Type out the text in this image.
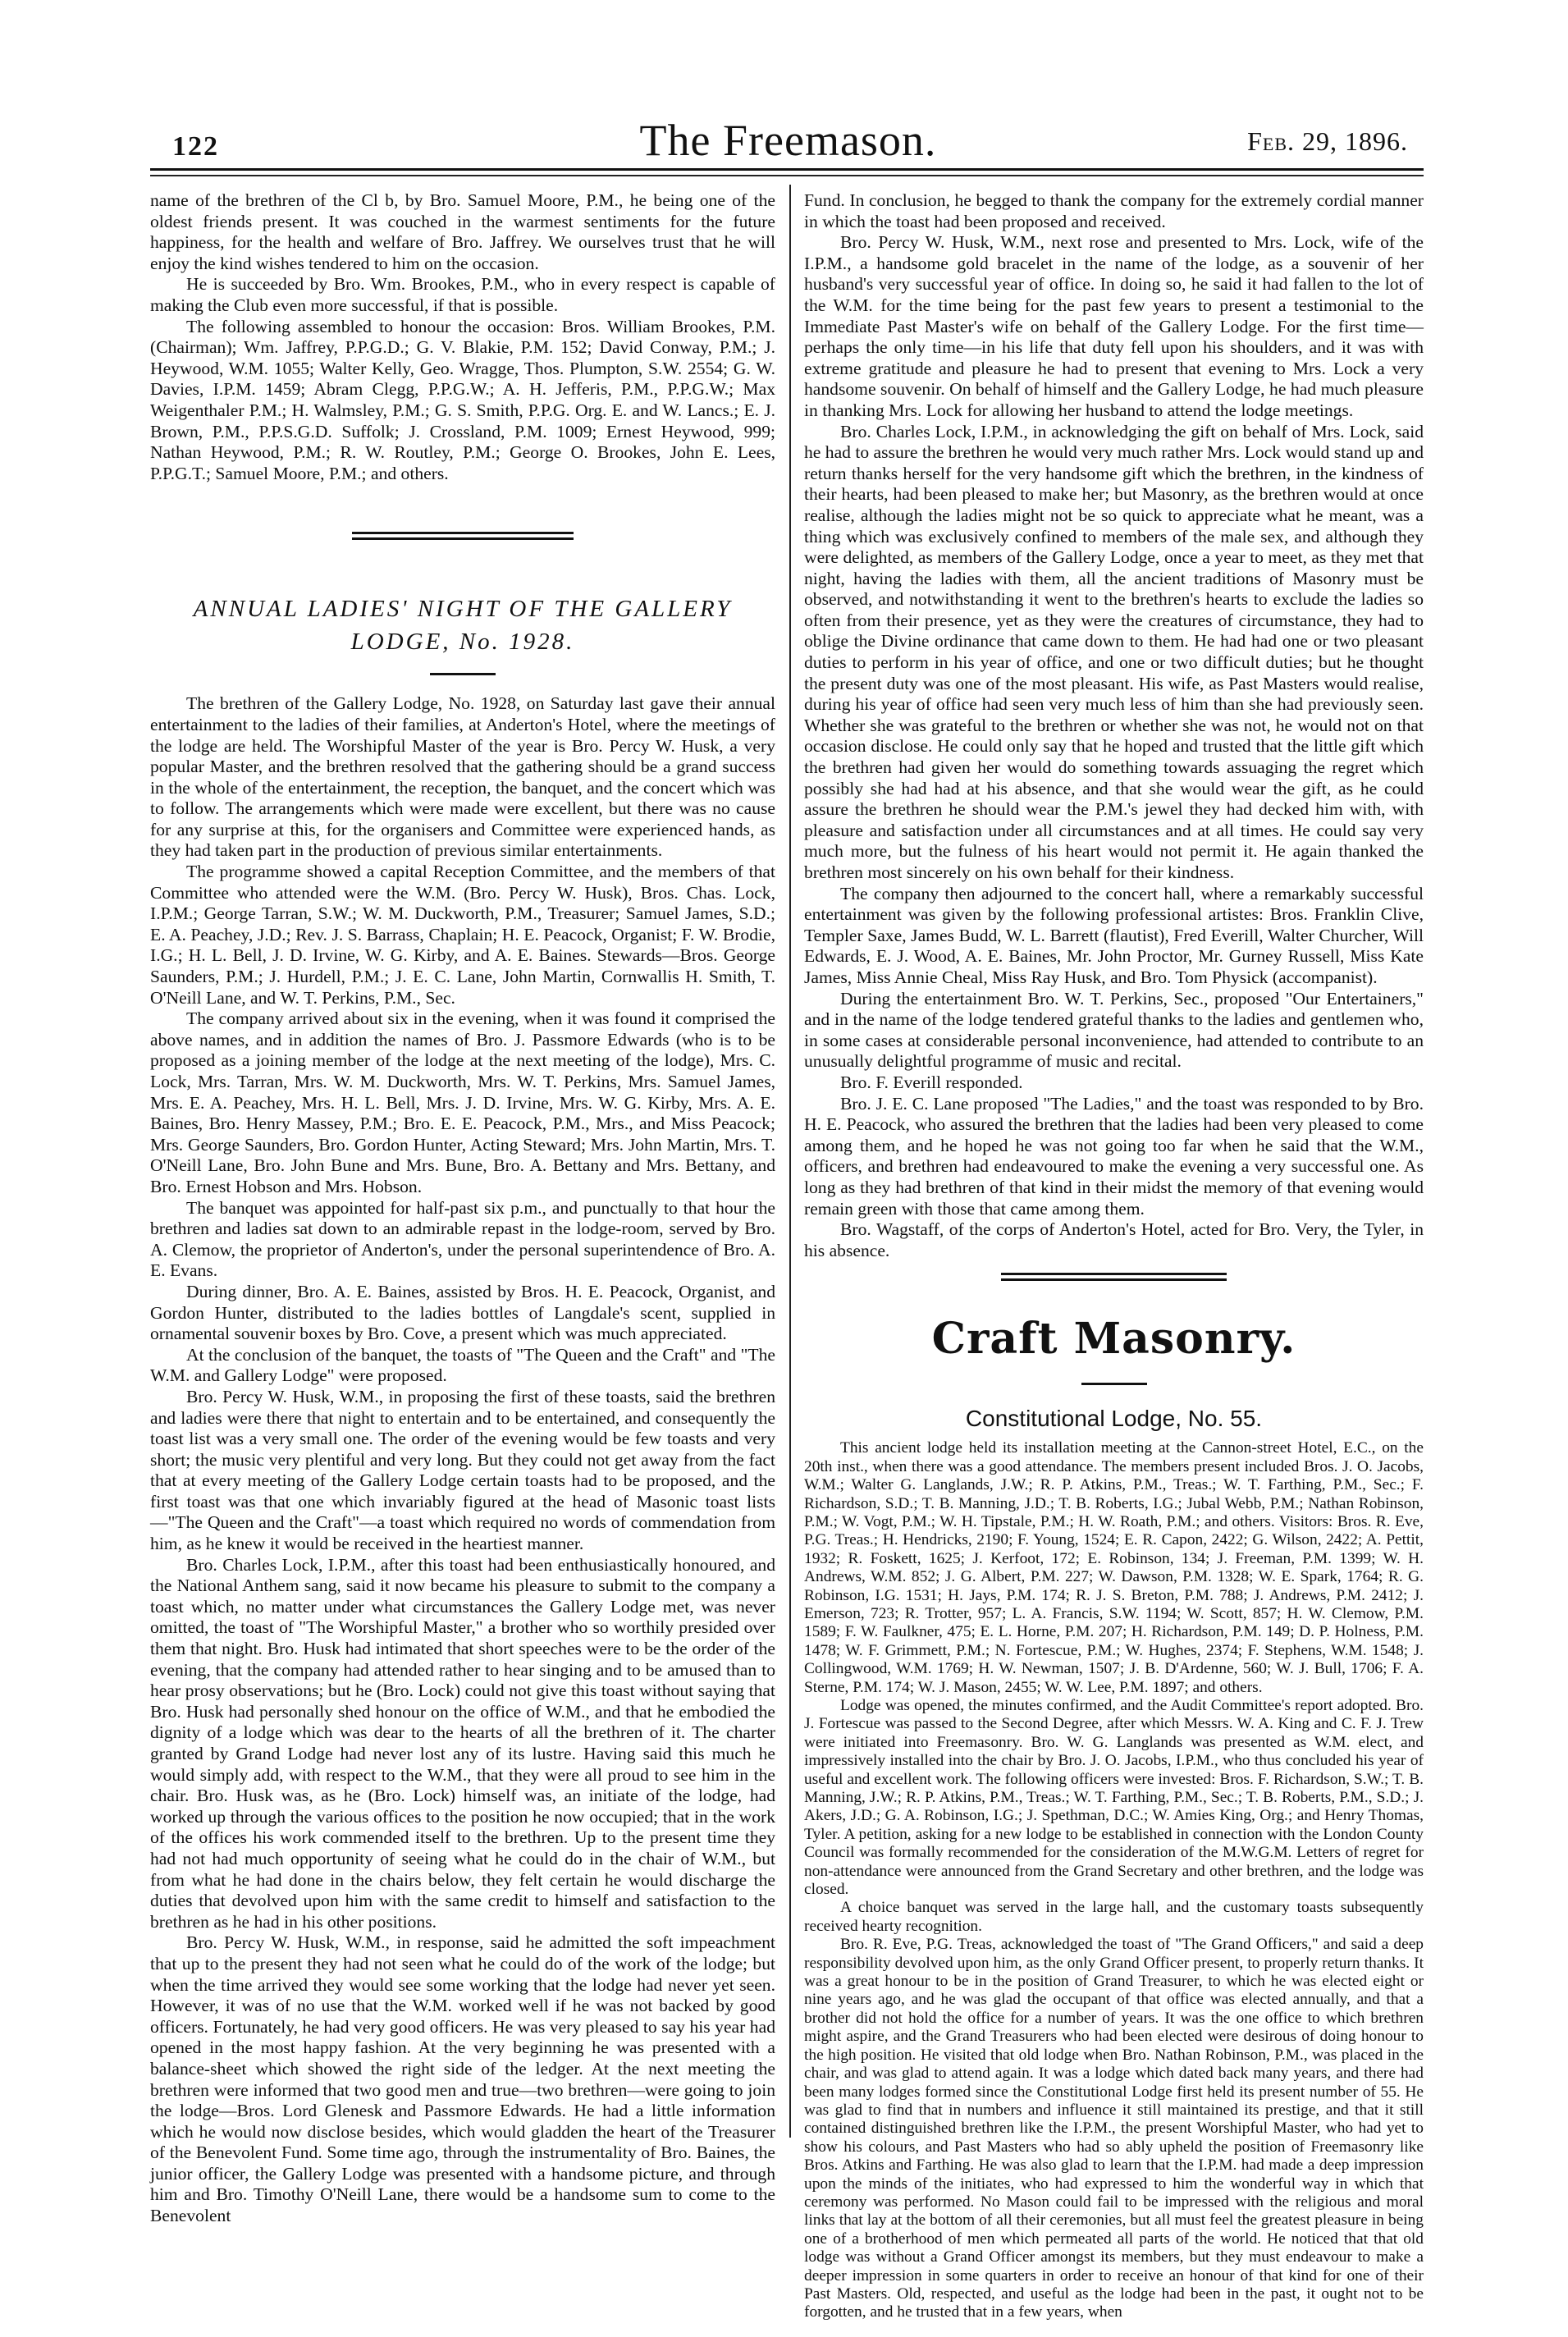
122	The Freemason.	Feb. 29, 1896.

name of the brethren of the Cl b, by Bro. Samuel Moore, P.M., he being one of the oldest friends present. It was couched in the warmest sentiments for the future happiness, for the health and welfare of Bro. Jaffrey. We ourselves trust that he will enjoy the kind wishes tendered to him on the occasion.

He is succeeded by Bro. Wm. Brookes, P.M., who in every respect is capable of making the Club even more successful, if that is possible.

The following assembled to honour the occasion: Bros. William Brookes, P.M. (Chairman); Wm. Jaffrey, P.P.G.D.; G. V. Blakie, P.M. 152; David Conway, P.M.; J. Heywood, W.M. 1055; Walter Kelly, Geo. Wragge, Thos. Plumpton, S.W. 2554; G. W. Davies, I.P.M. 1459; Abram Clegg, P.P.G.W.; A. H. Jefferis, P.M., P.P.G.W.; Max Weigenthaler P.M.; H. Walmsley, P.M.; G. S. Smith, P.P.G. Org. E. and W. Lancs.; E. J. Brown, P.M., P.P.S.G.D. Suffolk; J. Crossland, P.M. 1009; Ernest Heywood, 999; Nathan Heywood, P.M.; R. W. Routley, P.M.; George O. Brookes, John E. Lees, P.P.G.T.; Samuel Moore, P.M.; and others.

ANNUAL LADIES' NIGHT OF THE GALLERY
LODGE, No. 1928.

The brethren of the Gallery Lodge, No. 1928, on Saturday last gave their annual entertainment to the ladies of their families, at Anderton's Hotel, where the meetings of the lodge are held. The Worshipful Master of the year is Bro. Percy W. Husk, a very popular Master, and the brethren resolved that the gathering should be a grand success in the whole of the entertainment, the reception, the banquet, and the concert which was to follow. The arrangements which were made were excellent, but there was no cause for any surprise at this, for the organisers and Committee were experienced hands, as they had taken part in the production of previous similar entertainments.

The programme showed a capital Reception Committee, and the members of that Committee who attended were the W.M. (Bro. Percy W. Husk), Bros. Chas. Lock, I.P.M.; George Tarran, S.W.; W. M. Duckworth, P.M., Treasurer; Samuel James, S.D.; E. A. Peachey, J.D.; Rev. J. S. Barrass, Chaplain; H. E. Peacock, Organist; F. W. Brodie, I.G.; H. L. Bell, J. D. Irvine, W. G. Kirby, and A. E. Baines. Stewards—Bros. George Saunders, P.M.; J. Hurdell, P.M.; J. E. C. Lane, John Martin, Cornwallis H. Smith, T. O'Neill Lane, and W. T. Perkins, P.M., Sec.

The company arrived about six in the evening, when it was found it comprised the above names, and in addition the names of Bro. J. Passmore Edwards (who is to be proposed as a joining member of the lodge at the next meeting of the lodge), Mrs. C. Lock, Mrs. Tarran, Mrs. W. M. Duckworth, Mrs. W. T. Perkins, Mrs. Samuel James, Mrs. E. A. Peachey, Mrs. H. L. Bell, Mrs. J. D. Irvine, Mrs. W. G. Kirby, Mrs. A. E. Baines, Bro. Henry Massey, P.M.; Bro. E. E. Peacock, P.M., Mrs., and Miss Peacock; Mrs. George Saunders, Bro. Gordon Hunter, Acting Steward; Mrs. John Martin, Mrs. T. O'Neill Lane, Bro. John Bune and Mrs. Bune, Bro. A. Bettany and Mrs. Bettany, and Bro. Ernest Hobson and Mrs. Hobson.

The banquet was appointed for half-past six p.m., and punctually to that hour the brethren and ladies sat down to an admirable repast in the lodge-room, served by Bro. A. Clemow, the proprietor of Anderton's, under the personal superintendence of Bro. A. E. Evans.

During dinner, Bro. A. E. Baines, assisted by Bros. H. E. Peacock, Organist, and Gordon Hunter, distributed to the ladies bottles of Langdale's scent, supplied in ornamental souvenir boxes by Bro. Cove, a present which was much appreciated.

At the conclusion of the banquet, the toasts of "The Queen and the Craft" and "The W.M. and Gallery Lodge" were proposed.

Bro. Percy W. Husk, W.M., in proposing the first of these toasts, said the brethren and ladies were there that night to entertain and to be entertained, and consequently the toast list was a very small one. The order of the evening would be few toasts and very short; the music very plentiful and very long. But they could not get away from the fact that at every meeting of the Gallery Lodge certain toasts had to be proposed, and the first toast was that one which invariably figured at the head of Masonic toast lists—"The Queen and the Craft"—a toast which required no words of commendation from him, as he knew it would be received in the heartiest manner.

Bro. Charles Lock, I.P.M., after this toast had been enthusiastically honoured, and the National Anthem sang, said it now became his pleasure to submit to the company a toast which, no matter under what circumstances the Gallery Lodge met, was never omitted, the toast of "The Worshipful Master," a brother who so worthily presided over them that night. Bro. Husk had intimated that short speeches were to be the order of the evening, that the company had attended rather to hear singing and to be amused than to hear prosy observations; but he (Bro. Lock) could not give this toast without saying that Bro. Husk had personally shed honour on the office of W.M., and that he embodied the dignity of a lodge which was dear to the hearts of all the brethren of it. The charter granted by Grand Lodge had never lost any of its lustre. Having said this much he would simply add, with respect to the W.M., that they were all proud to see him in the chair. Bro. Husk was, as he (Bro. Lock) himself was, an initiate of the lodge, had worked up through the various offices to the position he now occupied; that in the work of the offices his work commended itself to the brethren. Up to the present time they had not had much opportunity of seeing what he could do in the chair of W.M., but from what he had done in the chairs below, they felt certain he would discharge the duties that devolved upon him with the same credit to himself and satisfaction to the brethren as he had in his other positions.

Bro. Percy W. Husk, W.M., in response, said he admitted the soft impeachment that up to the present they had not seen what he could do of the work of the lodge; but when the time arrived they would see some working that the lodge had never yet seen. However, it was of no use that the W.M. worked well if he was not backed by good officers. Fortunately, he had very good officers. He was very pleased to say his year had opened in the most happy fashion. At the very beginning he was presented with a balance-sheet which showed the right side of the ledger. At the next meeting the brethren were informed that two good men and true—two brethren—were going to join the lodge—Bros. Lord Glenesk and Passmore Edwards. He had a little information which he would now disclose besides, which would gladden the heart of the Treasurer of the Benevolent Fund. Some time ago, through the instrumentality of Bro. Baines, the junior officer, the Gallery Lodge was presented with a handsome picture, and through him and Bro. Timothy O'Neill Lane, there would be a handsome sum to come to the Benevolent

Fund. In conclusion, he begged to thank the company for the extremely cordial manner in which the toast had been proposed and received.

Bro. Percy W. Husk, W.M., next rose and presented to Mrs. Lock, wife of the I.P.M., a handsome gold bracelet in the name of the lodge, as a souvenir of her husband's very successful year of office. In doing so, he said it had fallen to the lot of the W.M. for the time being for the past few years to present a testimonial to the Immediate Past Master's wife on behalf of the Gallery Lodge. For the first time—perhaps the only time—in his life that duty fell upon his shoulders, and it was with extreme gratitude and pleasure he had to present that evening to Mrs. Lock a very handsome souvenir. On behalf of himself and the Gallery Lodge, he had much pleasure in thanking Mrs. Lock for allowing her husband to attend the lodge meetings.

Bro. Charles Lock, I.P.M., in acknowledging the gift on behalf of Mrs. Lock, said he had to assure the brethren he would very much rather Mrs. Lock would stand up and return thanks herself for the very handsome gift which the brethren, in the kindness of their hearts, had been pleased to make her; but Masonry, as the brethren would at once realise, although the ladies might not be so quick to appreciate what he meant, was a thing which was exclusively confined to members of the male sex, and although they were delighted, as members of the Gallery Lodge, once a year to meet, as they met that night, having the ladies with them, all the ancient traditions of Masonry must be observed, and notwithstanding it went to the brethren's hearts to exclude the ladies so often from their presence, yet as they were the creatures of circumstance, they had to oblige the Divine ordinance that came down to them. He had had one or two pleasant duties to perform in his year of office, and one or two difficult duties; but he thought the present duty was one of the most pleasant. His wife, as Past Masters would realise, during his year of office had seen very much less of him than she had previously seen. Whether she was grateful to the brethren or whether she was not, he would not on that occasion disclose. He could only say that he hoped and trusted that the little gift which the brethren had given her would do something towards assuaging the regret which possibly she had had at his absence, and that she would wear the gift, as he could assure the brethren he should wear the P.M.'s jewel they had decked him with, with pleasure and satisfaction under all circumstances and at all times. He could say very much more, but the fulness of his heart would not permit it. He again thanked the brethren most sincerely on his own behalf for their kindness.

The company then adjourned to the concert hall, where a remarkably successful entertainment was given by the following professional artistes: Bros. Franklin Clive, Templer Saxe, James Budd, W. L. Barrett (flautist), Fred Everill, Walter Churcher, Will Edwards, E. J. Wood, A. E. Baines, Mr. John Proctor, Mr. Gurney Russell, Miss Kate James, Miss Annie Cheal, Miss Ray Husk, and Bro. Tom Physick (accompanist).

During the entertainment Bro. W. T. Perkins, Sec., proposed "Our Entertainers," and in the name of the lodge tendered grateful thanks to the ladies and gentlemen who, in some cases at considerable personal inconvenience, had attended to contribute to an unusually delightful programme of music and recital.

Bro. F. Everill responded.

Bro. J. E. C. Lane proposed "The Ladies," and the toast was responded to by Bro. H. E. Peacock, who assured the brethren that the ladies had been very pleased to come among them, and he hoped he was not going too far when he said that the W.M., officers, and brethren had endeavoured to make the evening a very successful one. As long as they had brethren of that kind in their midst the memory of that evening would remain green with those that came among them.

Bro. Wagstaff, of the corps of Anderton's Hotel, acted for Bro. Very, the Tyler, in his absence.

Craft Masonry.
Constitutional Lodge, No. 55.

This ancient lodge held its installation meeting at the Cannon-street Hotel, E.C., on the 20th inst., when there was a good attendance. The members present included Bros. J. O. Jacobs, W.M.; Walter G. Langlands, J.W.; R. P. Atkins, P.M., Treas.; W. T. Farthing, P.M., Sec.; F. Richardson, S.D.; T. B. Manning, J.D.; T. B. Roberts, I.G.; Jubal Webb, P.M.; Nathan Robinson, P.M.; W. Vogt, P.M.; W. H. Tipstale, P.M.; H. W. Roath, P.M.; and others. Visitors: Bros. R. Eve, P.G. Treas.; H. Hendricks, 2190; F. Young, 1524; E. R. Capon, 2422; G. Wilson, 2422; A. Pettit, 1932; R. Foskett, 1625; J. Kerfoot, 172; E. Robinson, 134; J. Freeman, P.M. 1399; W. H. Andrews, W.M. 852; J. G. Albert, P.M. 227; W. Dawson, P.M. 1328; W. E. Spark, 1764; R. G. Robinson, I.G. 1531; H. Jays, P.M. 174; R. J. S. Breton, P.M. 788; J. Andrews, P.M. 2412; J. Emerson, 723; R. Trotter, 957; L. A. Francis, S.W. 1194; W. Scott, 857; H. W. Clemow, P.M. 1589; F. W. Faulkner, 475; E. L. Horne, P.M. 207; H. Richardson, P.M. 149; D. P. Holness, P.M. 1478; W. F. Grimmett, P.M.; N. Fortescue, P.M.; W. Hughes, 2374; F. Stephens, W.M. 1548; J. Collingwood, W.M. 1769; H. W. Newman, 1507; J. B. D'Ardenne, 560; W. J. Bull, 1706; F. A. Sterne, P.M. 174; W. J. Mason, 2455; W. W. Lee, P.M. 1897; and others.

Lodge was opened, the minutes confirmed, and the Audit Committee's report adopted. Bro. J. Fortescue was passed to the Second Degree, after which Messrs. W. A. King and C. F. J. Trew were initiated into Freemasonry. Bro. W. G. Langlands was presented as W.M. elect, and impressively installed into the chair by Bro. J. O. Jacobs, I.P.M., who thus concluded his year of useful and excellent work. The following officers were invested: Bros. F. Richardson, S.W.; T. B. Manning, J.W.; R. P. Atkins, P.M., Treas.; W. T. Farthing, P.M., Sec.; T. B. Roberts, P.M., S.D.; J. Akers, J.D.; G. A. Robinson, I.G.; J. Spethman, D.C.; W. Amies King, Org.; and Henry Thomas, Tyler. A petition, asking for a new lodge to be established in connection with the London County Council was formally recommended for the consideration of the M.W.G.M. Letters of regret for non-attendance were announced from the Grand Secretary and other brethren, and the lodge was closed.

A choice banquet was served in the large hall, and the customary toasts subsequently received hearty recognition.

Bro. R. Eve, P.G. Treas, acknowledged the toast of "The Grand Officers," and said a deep responsibility devolved upon him, as the only Grand Officer present, to properly return thanks. It was a great honour to be in the position of Grand Treasurer, to which he was elected eight or nine years ago, and he was glad the occupant of that office was elected annually, and that a brother did not hold the office for a number of years. It was the one office to which brethren might aspire, and the Grand Treasurers who had been elected were desirous of doing honour to the high position. He visited that old lodge when Bro. Nathan Robinson, P.M., was placed in the chair, and was glad to attend again. It was a lodge which dated back many years, and there had been many lodges formed since the Constitutional Lodge first held its present number of 55. He was glad to find that in numbers and influence it still maintained its prestige, and that it still contained distinguished brethren like the I.P.M., the present Worshipful Master, who had yet to show his colours, and Past Masters who had so ably upheld the position of Freemasonry like Bros. Atkins and Farthing. He was also glad to learn that the I.P.M. had made a deep impression upon the minds of the initiates, who had expressed to him the wonderful way in which that ceremony was performed. No Mason could fail to be impressed with the religious and moral links that lay at the bottom of all their ceremonies, but all must feel the greatest pleasure in being one of a brotherhood of men which permeated all parts of the world. He noticed that that old lodge was without a Grand Officer amongst its members, but they must endeavour to make a deeper impression in some quarters in order to receive an honour of that kind for one of their Past Masters. Old, respected, and useful as the lodge had been in the past, it ought not to be forgotten, and he trusted that in a few years, when
